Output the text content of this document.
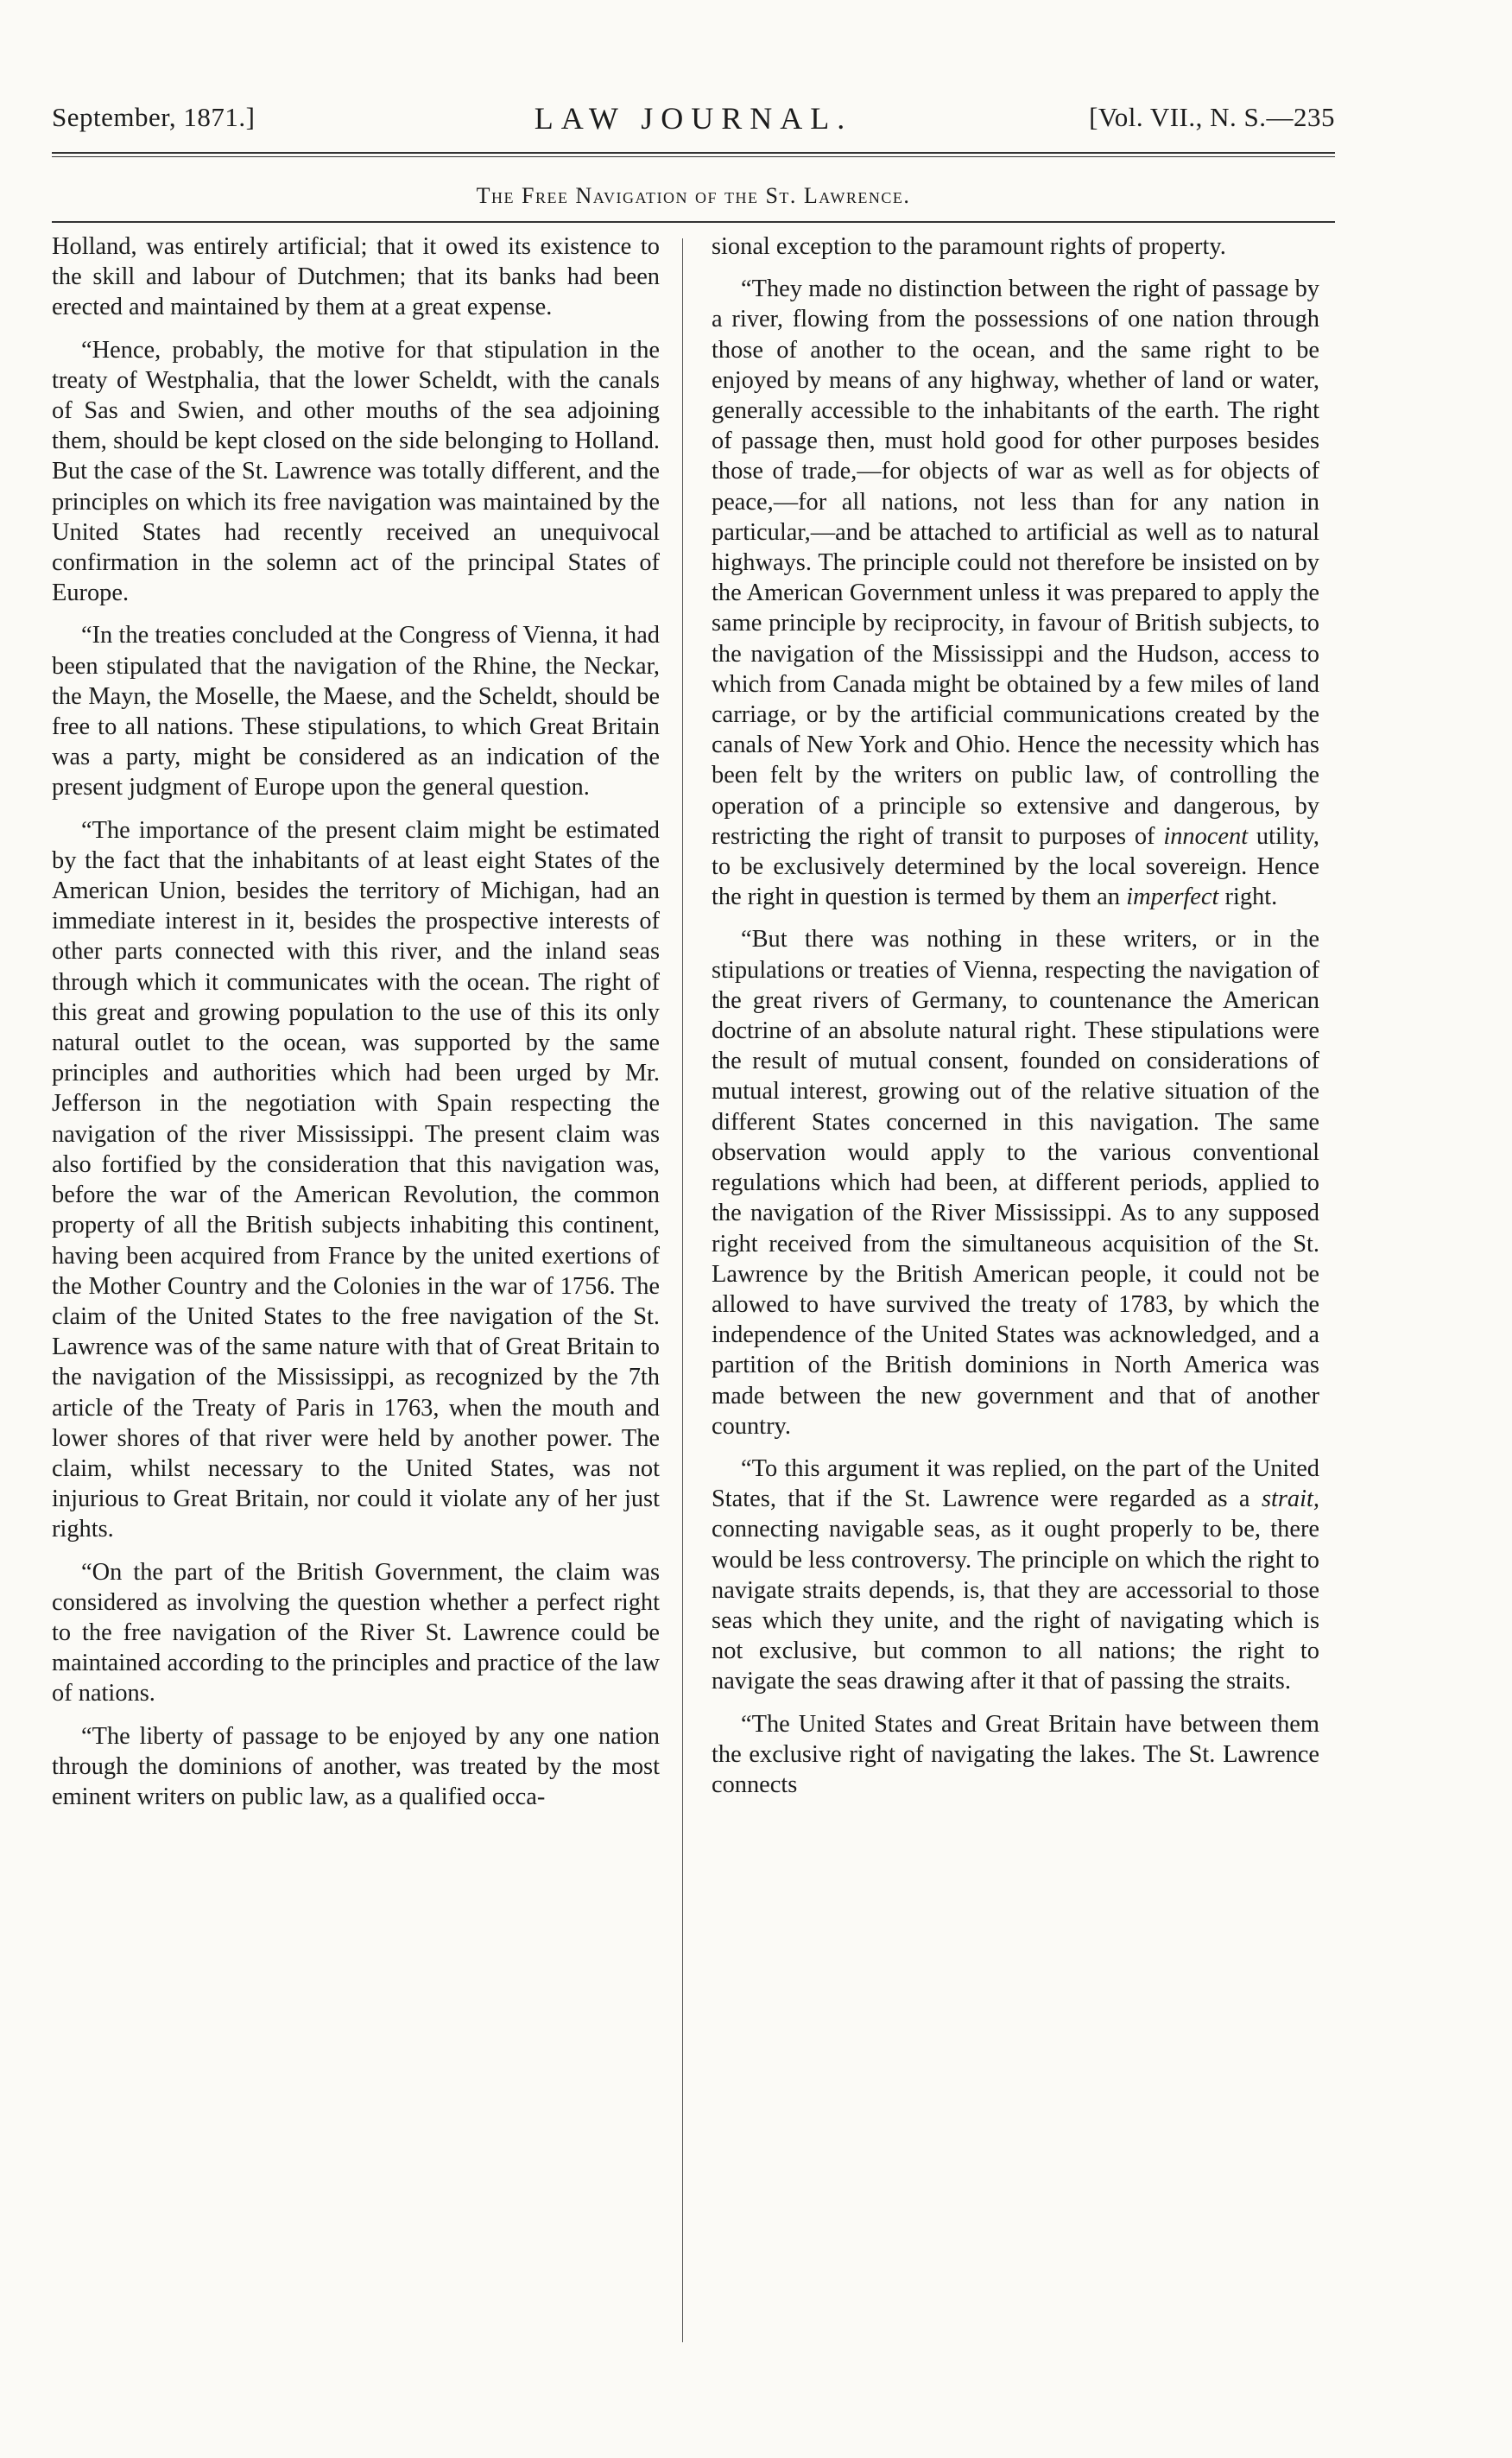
September, 1871.]	LAW JOURNAL.	[Vol. VII., N. S.—235
The Free Navigation of the St. Lawrence.

Holland, was entirely artificial; that it owed its existence to the skill and labour of Dutchmen; that its banks had been erected and maintained by them at a great expense.

“Hence, probably, the motive for that stipulation in the treaty of Westphalia, that the lower Scheldt, with the canals of Sas and Swien, and other mouths of the sea adjoining them, should be kept closed on the side belonging to Holland. But the case of the St. Lawrence was totally different, and the principles on which its free navigation was maintained by the United States had recently received an unequivocal confirmation in the solemn act of the principal States of Europe.

“In the treaties concluded at the Congress of Vienna, it had been stipulated that the navigation of the Rhine, the Neckar, the Mayn, the Moselle, the Maese, and the Scheldt, should be free to all nations. These stipulations, to which Great Britain was a party, might be considered as an indication of the present judgment of Europe upon the general question.

“The importance of the present claim might be estimated by the fact that the inhabitants of at least eight States of the American Union, besides the territory of Michigan, had an immediate interest in it, besides the prospective interests of other parts connected with this river, and the inland seas through which it communicates with the ocean. The right of this great and growing population to the use of this its only natural outlet to the ocean, was supported by the same principles and authorities which had been urged by Mr. Jefferson in the negotiation with Spain respecting the navigation of the river Mississippi. The present claim was also fortified by the consideration that this navigation was, before the war of the American Revolution, the common property of all the British subjects inhabiting this continent, having been acquired from France by the united exertions of the Mother Country and the Colonies in the war of 1756. The claim of the United States to the free navigation of the St. Lawrence was of the same nature with that of Great Britain to the navigation of the Mississippi, as recognized by the 7th article of the Treaty of Paris in 1763, when the mouth and lower shores of that river were held by another power. The claim, whilst necessary to the United States, was not injurious to Great Britain, nor could it violate any of her just rights.

“On the part of the British Government, the claim was considered as involving the question whether a perfect right to the free navigation of the River St. Lawrence could be maintained according to the principles and practice of the law of nations.

“The liberty of passage to be enjoyed by any one nation through the dominions of another, was treated by the most eminent writers on public law, as a qualified occa-

sional exception to the paramount rights of property.

“They made no distinction between the right of passage by a river, flowing from the possessions of one nation through those of another to the ocean, and the same right to be enjoyed by means of any highway, whether of land or water, generally accessible to the inhabitants of the earth. The right of passage then, must hold good for other purposes besides those of trade,—for objects of war as well as for objects of peace,—for all nations, not less than for any nation in particular,—and be attached to artificial as well as to natural highways. The principle could not therefore be insisted on by the American Government unless it was prepared to apply the same principle by reciprocity, in favour of British subjects, to the navigation of the Mississippi and the Hudson, access to which from Canada might be obtained by a few miles of land carriage, or by the artificial communications created by the canals of New York and Ohio. Hence the necessity which has been felt by the writers on public law, of controlling the operation of a principle so extensive and dangerous, by restricting the right of transit to purposes of innocent utility, to be exclusively determined by the local sovereign. Hence the right in question is termed by them an imperfect right.

“But there was nothing in these writers, or in the stipulations or treaties of Vienna, respecting the navigation of the great rivers of Germany, to countenance the American doctrine of an absolute natural right. These stipulations were the result of mutual consent, founded on considerations of mutual interest, growing out of the relative situation of the different States concerned in this navigation. The same observation would apply to the various conventional regulations which had been, at different periods, applied to the navigation of the River Mississippi. As to any supposed right received from the simultaneous acquisition of the St. Lawrence by the British American people, it could not be allowed to have survived the treaty of 1783, by which the independence of the United States was acknowledged, and a partition of the British dominions in North America was made between the new government and that of another country.

“To this argument it was replied, on the part of the United States, that if the St. Lawrence were regarded as a strait, connecting navigable seas, as it ought properly to be, there would be less controversy. The principle on which the right to navigate straits depends, is, that they are accessorial to those seas which they unite, and the right of navigating which is not exclusive, but common to all nations; the right to navigate the seas drawing after it that of passing the straits.

“The United States and Great Britain have between them the exclusive right of navigating the lakes. The St. Lawrence connects
